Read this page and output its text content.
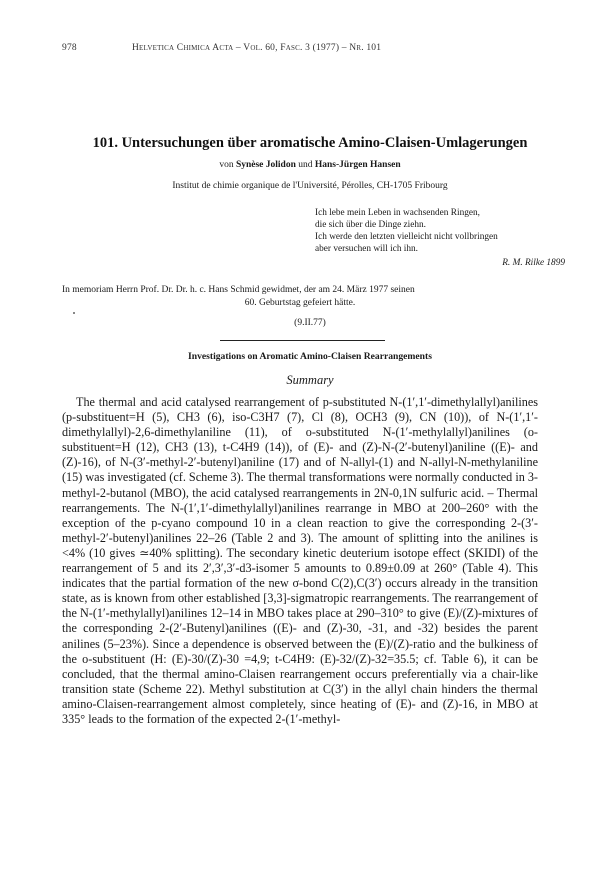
978	Helvetica Chimica Acta – Vol. 60, Fasc. 3 (1977) – Nr. 101
101. Untersuchungen über aromatische Amino-Claisen-Umlagerungen
von Synèse Jolidon und Hans-Jürgen Hansen
Institut de chimie organique de l'Université, Pérolles, CH-1705 Fribourg
Ich lebe mein Leben in wachsenden Ringen,
die sich über die Dinge ziehn.
Ich werde den letzten vielleicht nicht vollbringen
aber versuchen will ich ihn.
R. M. Rilke 1899
In memoriam Herrn Prof. Dr. Dr. h. c. Hans Schmid gewidmet, der am 24. März 1977 seinen
60. Geburtstag gefeiert hätte.
(9.II.77)
Investigations on Aromatic Amino-Claisen Rearrangements
Summary

The thermal and acid catalysed rearrangement of p-substituted N-(1′,1′-dimethylallyl)anilines (p-substituent=H (5), CH3 (6), iso-C3H7 (7), Cl (8), OCH3 (9), CN (10)), of N-(1′,1′-dimethylallyl)-2,6-dimethylaniline (11), of o-substituted N-(1′-methylallyl)anilines (o-substituent=H (12), CH3 (13), t-C4H9 (14)), of (E)- and (Z)-N-(2′-butenyl)aniline ((E)- and (Z)-16), of N-(3′-methyl-2′-butenyl)aniline (17) and of N-allyl-(1) and N-allyl-N-methylaniline (15) was investigated (cf. Scheme 3). The thermal transformations were normally conducted in 3-methyl-2-butanol (MBO), the acid catalysed rearrangements in 2N-0,1N sulfuric acid. – Thermal rearrangements. The N-(1′,1′-dimethylallyl)anilines rearrange in MBO at 200–260° with the exception of the p-cyano compound 10 in a clean reaction to give the corresponding 2-(3′-methyl-2′-butenyl)anilines 22–26 (Table 2 and 3). The amount of splitting into the anilines is <4% (10 gives ≃40% splitting). The secondary kinetic deuterium isotope effect (SKIDI) of the rearrangement of 5 and its 2′,3′,3′-d3-isomer 5 amounts to 0.89±0.09 at 260° (Table 4). This indicates that the partial formation of the new σ-bond C(2),C(3′) occurs already in the transition state, as is known from other established [3,3]-sigmatropic rearrangements. The rearrangement of the N-(1′-methylallyl)anilines 12–14 in MBO takes place at 290–310° to give (E)/(Z)-mixtures of the corresponding 2-(2′-Butenyl)anilines ((E)- and (Z)-30, -31, and -32) besides the parent anilines (5–23%). Since a dependence is observed between the (E)/(Z)-ratio and the bulkiness of the o-substituent (H: (E)-30/(Z)-30 =4,9; t-C4H9: (E)-32/(Z)-32=35.5; cf. Table 6), it can be concluded, that the thermal amino-Claisen rearrangement occurs preferentially via a chair-like transition state (Scheme 22). Methyl substitution at C(3′) in the allyl chain hinders the thermal amino-Claisen-rearrangement almost completely, since heating of (E)- and (Z)-16, in MBO at 335° leads to the formation of the expected 2-(1′-methyl-
